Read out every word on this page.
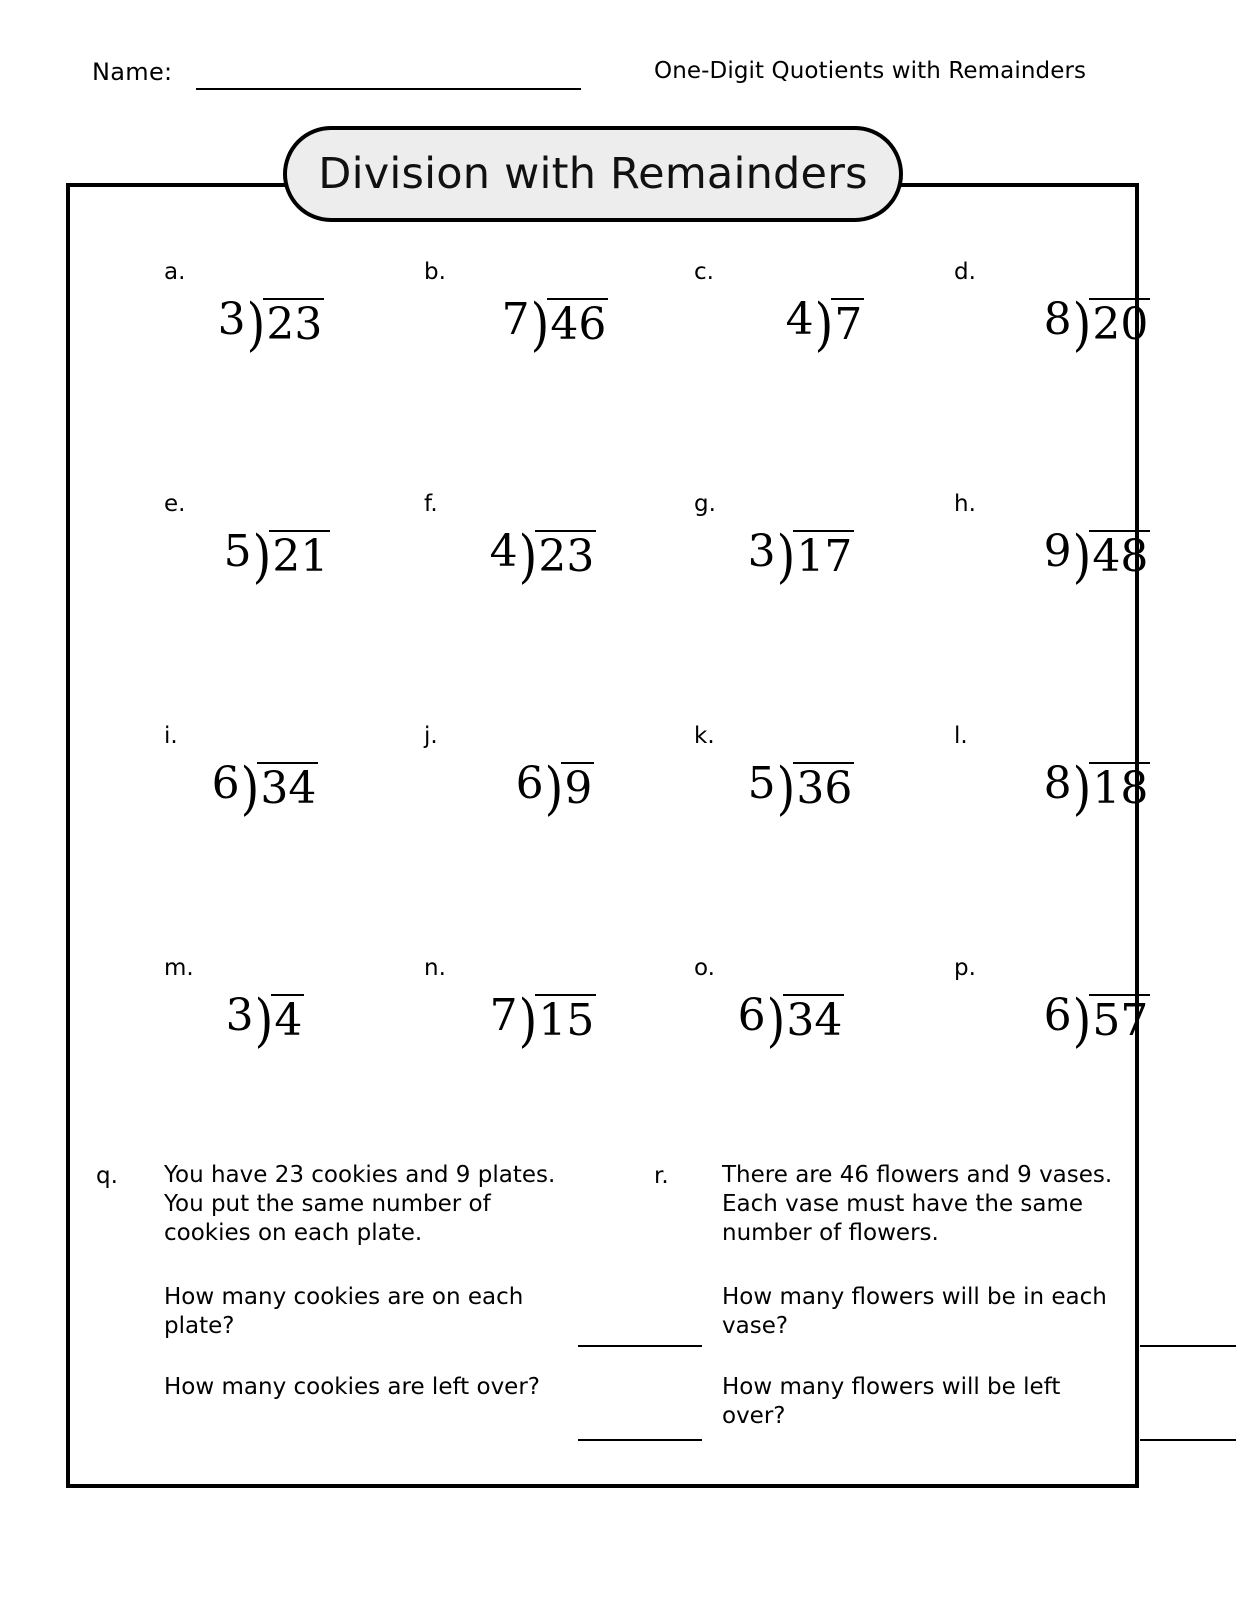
Name:	One-Digit Quotients with Remainders
Division with Remainders
a.
3 ) 23
b.
7 ) 46
c.
4 ) 7
d.
8 ) 20
e.
5 ) 21
f.
4 ) 23
g.
3 ) 17
h.
9 ) 48
i.
6 ) 34
j.
6 ) 9
k.
5 ) 36
l.
8 ) 18
m.
3 ) 4
n.
7 ) 15
o.
6 ) 34
p.
6 ) 57
q. You have 23 cookies and 9 plates. You put the same number of cookies on each plate.

How many cookies are on each plate?

How many cookies are left over?

r. There are 46 flowers and 9 vases. Each vase must have the same number of flowers.

How many flowers will be in each vase?

How many flowers will be left over?
